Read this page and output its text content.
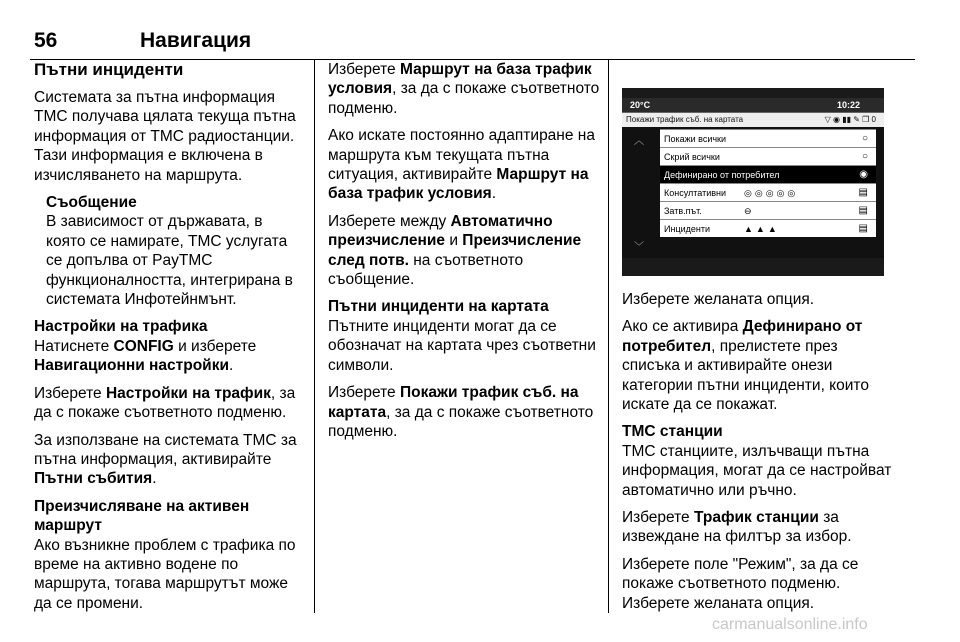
56	Навигация
Пътни инциденти

Системата за пътна информация ТМС получава цялата текуща пътна информация от ТМС радиостанции. Тази информация е включена в изчисляването на маршрута.

Съобщение

В зависимост от държавата, в която се намирате, ТМС услугата се допълва от РayТМС функционалността, интегрирана в системата Инфотейнмънт.

Настройки на трафика

Натиснете CONFIG и изберете Навигационни настройки.

Изберете Настройки на трафик, за да с покаже съответното подменю.

За използване на системата ТМС за пътна информация, активирайте Пътни събития.

Преизчисляване на активен маршрут

Ако възникне проблем с трафика по време на активно водене по маршрута, тогава маршрутът може да се промени.

Изберете Маршрут на база трафик условия, за да с покаже съответното подменю.

Ако искате постоянно адаптиране на маршрута към текущата пътна ситуация, активирайте Маршрут на база трафик условия.

Изберете между Автоматично преизчисление и Преизчисление след потв. на съответното съобщение.

Пътни инциденти на картата

Пътните инциденти могат да се обозначат на картата чрез съответни символи.

Изберете Покажи трафик съб. на картата, за да с покаже съответното подменю.

20°C	10:22
Покажи трафик съб. на картата	▽ ◉ ▮▮ ✎ ❐ 0
︿
﹀
Покажи всички	○
Скрий всички	○
Дефинирано от потребител	◉
Консултативни ◎◎◎◎◎	▤
Затв.път.	⊖	▤
Инциденти	▲▲▲	▤

Изберете желаната опция.

Ако се активира Дефинирано от потребител, прелистете през списъка и активирайте онези категории пътни инциденти, които искате да се покажат.

ТМС станции

ТМС станциите, излъчващи пътна информация, могат да се настройват автоматично или ръчно.

Изберете Трафик станции за извеждане на филтър за избор.

Изберете поле "Режим", за да се покаже съответното подменю.

Изберете желаната опция.

carmanualsonline.info
